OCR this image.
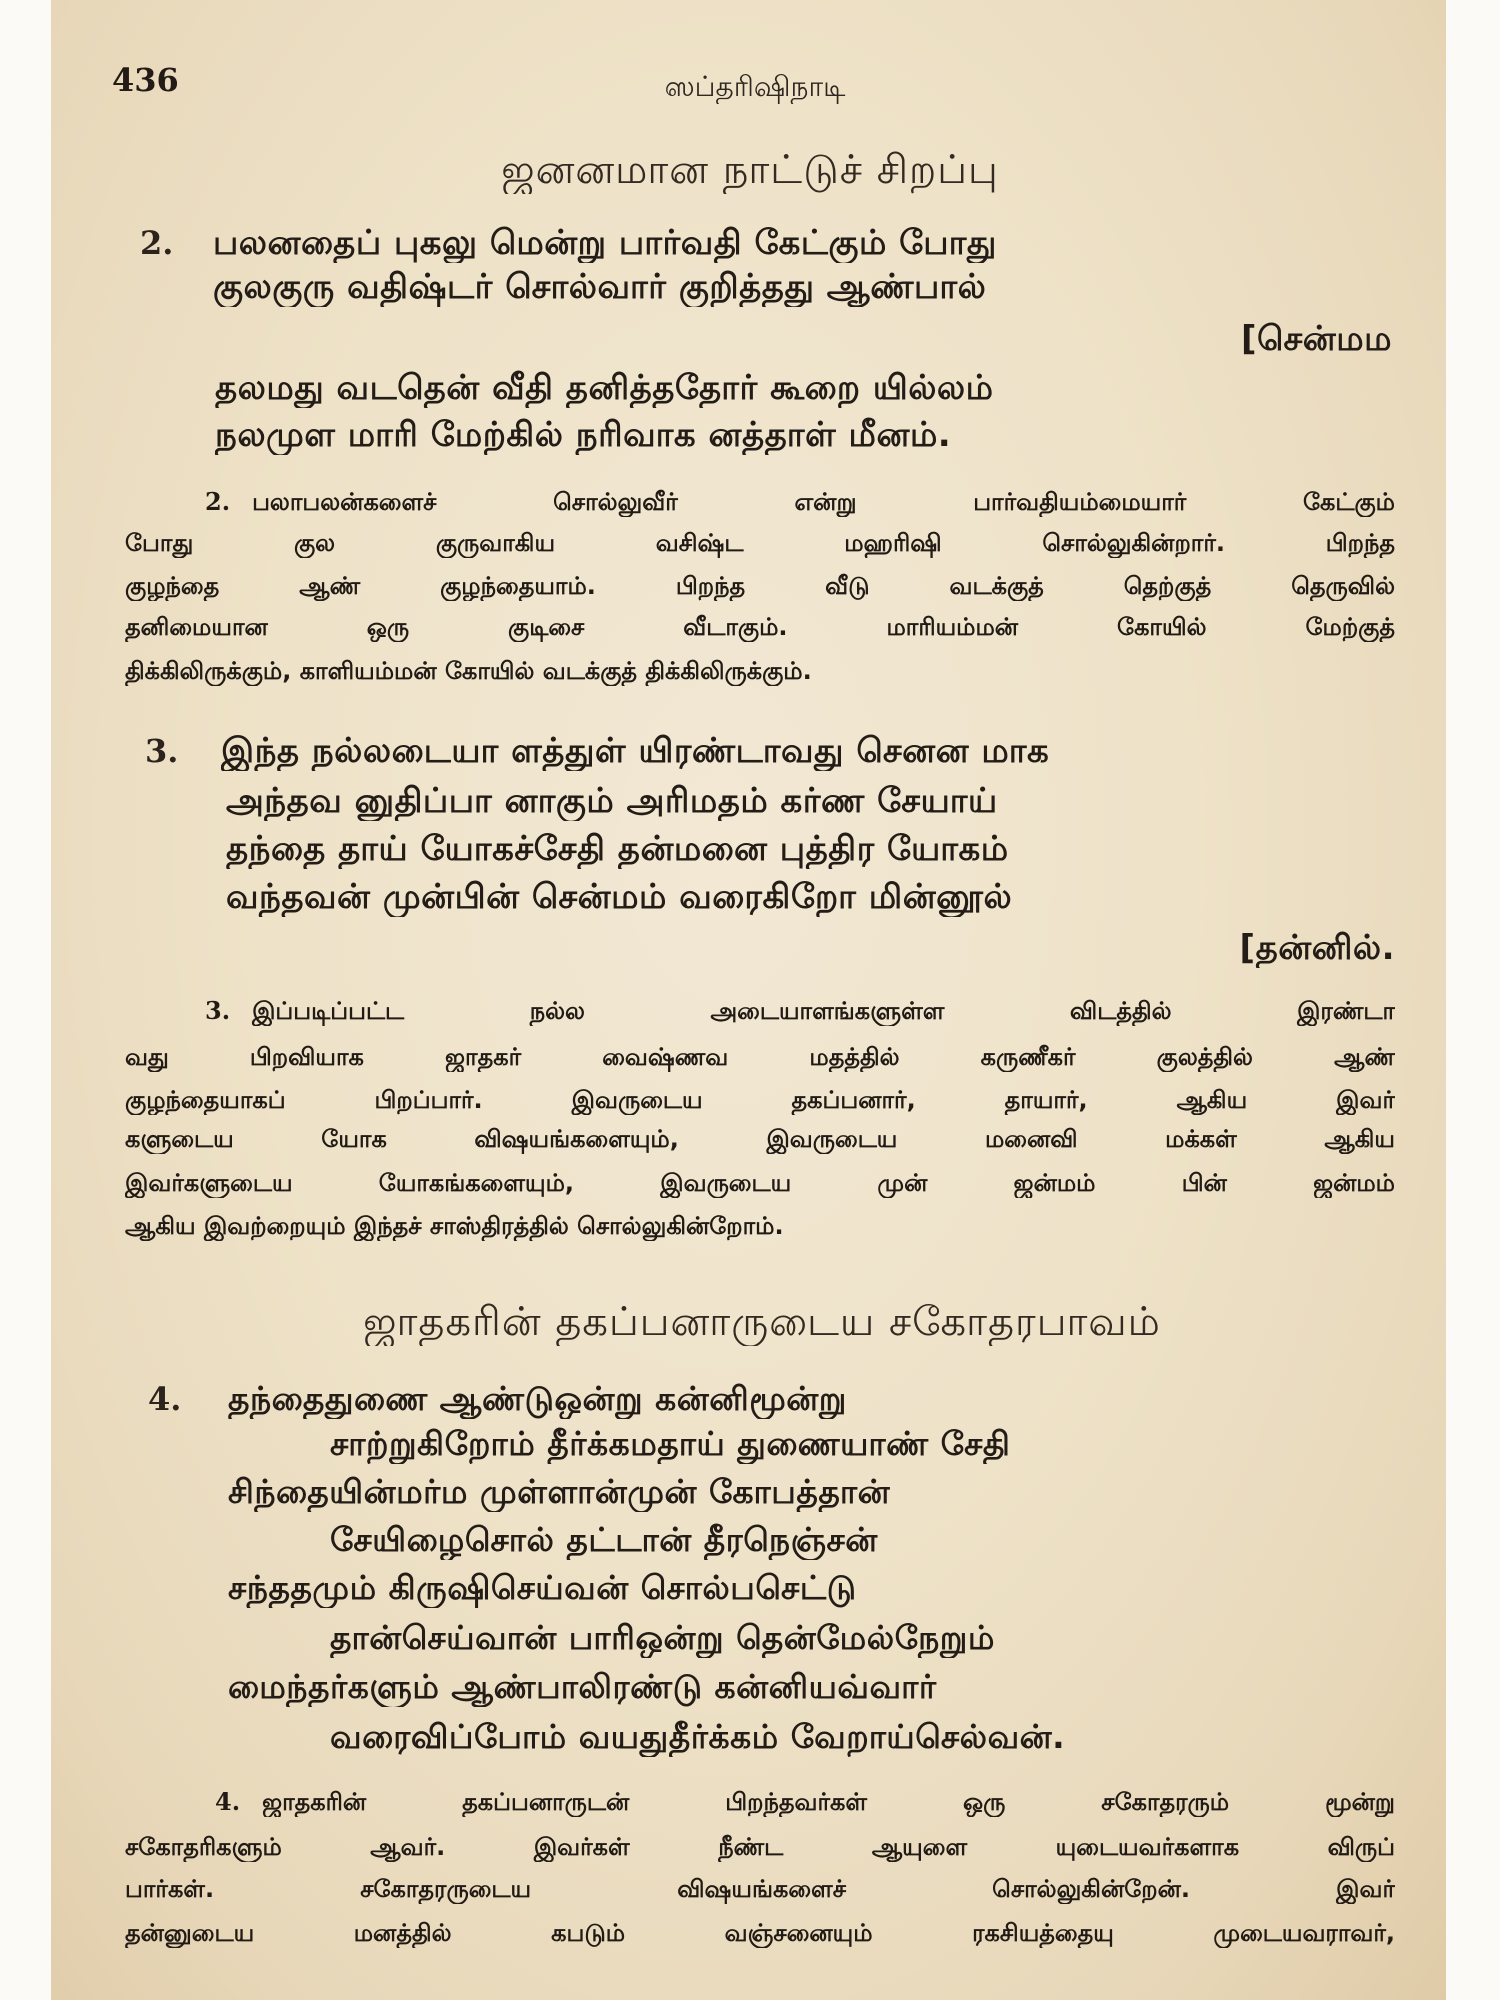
436	ஸப்தரிஷிநாடி
ஜனனமான நாட்டுச் சிறப்பு
2. பலனதைப் புகலு மென்று பார்வதி கேட்கும் போது
குலகுரு வதிஷ்டர் சொல்வார் குறித்தது ஆண்பால்
[சென்மம
தலமது வடதென் வீதி தனித்ததோர் கூறை யில்லம்
நலமுள மாரி மேற்கில் நரிவாக னத்தாள் மீனம்.
2. பலாபலன்களைச் சொல்லுவீர் என்று பார்வதியம்மையார் கேட்கும்
போது குல குருவாகிய வசிஷ்ட மஹரிஷி சொல்லுகின்றார். பிறந்த
குழந்தை ஆண் குழந்தையாம். பிறந்த வீடு வடக்குத் தெற்குத் தெருவில்
தனிமையான ஒரு குடிசை வீடாகும். மாரியம்மன் கோயில் மேற்குத்
திக்கிலிருக்கும், காளியம்மன் கோயில் வடக்குத் திக்கிலிருக்கும்.
3. இந்த நல்லடையா ளத்துள் யிரண்டாவது செனன மாக
அந்தவ னுதிப்பா னாகும் அரிமதம் கர்ண சேயாய்
தந்தை தாய் யோகச்சேதி தன்மனை புத்திர யோகம்
வந்தவன் முன்பின் சென்மம் வரைகிறோ மின்னூல்
[தன்னில்.
3. இப்படிப்பட்ட நல்ல அடையாளங்களுள்ள விடத்தில் இரண்டா
வது பிறவியாக ஜாதகர் வைஷ்ணவ மதத்தில் கருணீகர் குலத்தில் ஆண்
குழந்தையாகப் பிறப்பார். இவருடைய தகப்பனார், தாயார், ஆகிய இவர்
களுடைய யோக விஷயங்களையும், இவருடைய மனைவி மக்கள் ஆகிய
இவர்களுடைய யோகங்களையும், இவருடைய முன் ஜன்மம் பின் ஜன்மம்
ஆகிய இவற்றையும் இந்தச் சாஸ்திரத்தில் சொல்லுகின்றோம்.
ஜாதகரின் தகப்பனாருடைய சகோதரபாவம்
4. தந்தைதுணை ஆண்டுஒன்று கன்னிமூன்று
சாற்றுகிறோம் தீர்க்கமதாய் துணையாண் சேதி
சிந்தையின்மர்ம முள்ளான்முன் கோபத்தான்
சேயிழைசொல் தட்டான் தீரநெஞ்சன்
சந்ததமும் கிருஷிசெய்வன் சொல்பசெட்டு
தான்செய்வான் பாரிஒன்று தென்மேல்நேறும்
மைந்தர்களும் ஆண்பாலிரண்டு கன்னியவ்வார்
வரைவிப்போம் வயதுதீர்க்கம் வேறாய்செல்வன்.
4. ஜாதகரின் தகப்பனாருடன் பிறந்தவர்கள் ஒரு சகோதரரும் மூன்று
சகோதரிகளும் ஆவர். இவர்கள் நீண்ட ஆயுளை யுடையவர்களாக விருப்
பார்கள். சகோதரருடைய விஷயங்களைச் சொல்லுகின்றேன். இவர்
தன்னுடைய மனத்தில் கபடும் வஞ்சனையும் ரகசியத்தையு முடையவராவர்,
